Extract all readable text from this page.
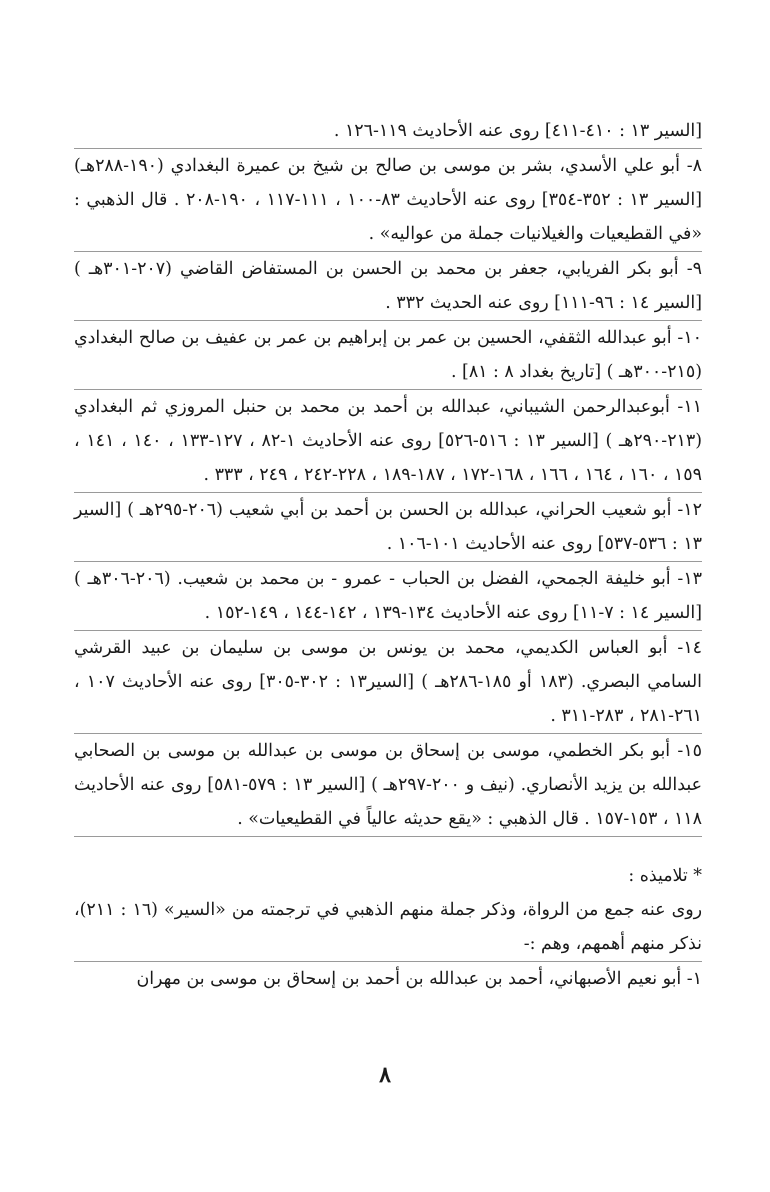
[السير ١٣ : ٤١٠-٤١١] روى عنه الأحاديث ١١٩-١٢٦ .

٨- أبو علي الأسدي، بشر بن موسى بن صالح بن شيخ بن عميرة البغدادي (١٩٠-٢٨٨هـ) [السير ١٣ : ٣٥٢-٣٥٤] روى عنه الأحاديث ٨٣-١٠٠ ، ١١١-١١٧ ، ١٩٠-٢٠٨ . قال الذهبي : «في القطيعيات والغيلانيات جملة من عواليه» .

٩- أبو بكر الفريابي، جعفر بن محمد بن الحسن بن المستفاض القاضي (٢٠٧-٣٠١هـ ) [السير ١٤ : ٩٦-١١١] روى عنه الحديث ٣٣٢ .

١٠- أبو عبدالله الثقفي، الحسين بن عمر بن إبراهيم بن عمر بن عفيف بن صالح البغدادي (٢١٥-٣٠٠هـ ) [تاريخ بغداد ٨ : ٨١] .

١١- أبوعبدالرحمن الشيباني، عبدالله بن أحمد بن محمد بن حنبل المروزي ثم البغدادي (٢١٣-٢٩٠هـ ) [السير ١٣ : ٥١٦-٥٢٦] روى عنه الأحاديث ١-٨٢ ، ١٢٧-١٣٣ ، ١٤٠ ، ١٤١ ، ١٥٩ ، ١٦٠ ، ١٦٤ ، ١٦٦ ، ١٦٨-١٧٢ ، ١٨٧-١٨٩ ، ٢٢٨-٢٤٢ ، ٢٤٩ ، ٣٣٣ .

١٢- أبو شعيب الحراني، عبدالله بن الحسن بن أحمد بن أبي شعيب (٢٠٦-٢٩٥هـ ) [السير ١٣ : ٥٣٦-٥٣٧] روى عنه الأحاديث ١٠١-١٠٦ .

١٣- أبو خليفة الجمحي، الفضل بن الحباب - عمرو - بن محمد بن شعيب. (٢٠٦-٣٠٦هـ ) [السير ١٤ : ٧-١١] روى عنه الأحاديث ١٣٤-١٣٩ ، ١٤٢-١٤٤ ، ١٤٩-١٥٢ .

١٤- أبو العباس الكديمي، محمد بن يونس بن موسى بن سليمان بن عبيد القرشي السامي البصري. (١٨٣ أو ١٨٥-٢٨٦هـ ) [السير١٣ : ٣٠٢-٣٠٥] روى عنه الأحاديث ١٠٧ ، ٢٦١-٢٨١ ، ٢٨٣-٣١١ .

١٥- أبو بكر الخطمي، موسى بن إسحاق بن موسى بن عبدالله بن موسى بن الصحابي عبدالله بن يزيد الأنصاري. (نيف و ٢٠٠-٢٩٧هـ ) [السير ١٣ : ٥٧٩-٥٨١] روى عنه الأحاديث ١١٨ ، ١٥٣-١٥٧ . قال الذهبي : «يقع حديثه عالياً في القطيعيات» .

* تلاميذه :

روى عنه جمع من الرواة، وذكر جملة منهم الذهبي في ترجمته من «السير» (١٦ : ٢١١)، نذكر منهم أهمهم، وهم :-

١- أبو نعيم الأصبهاني، أحمد بن عبدالله بن أحمد بن إسحاق بن موسى بن مهران

٨
